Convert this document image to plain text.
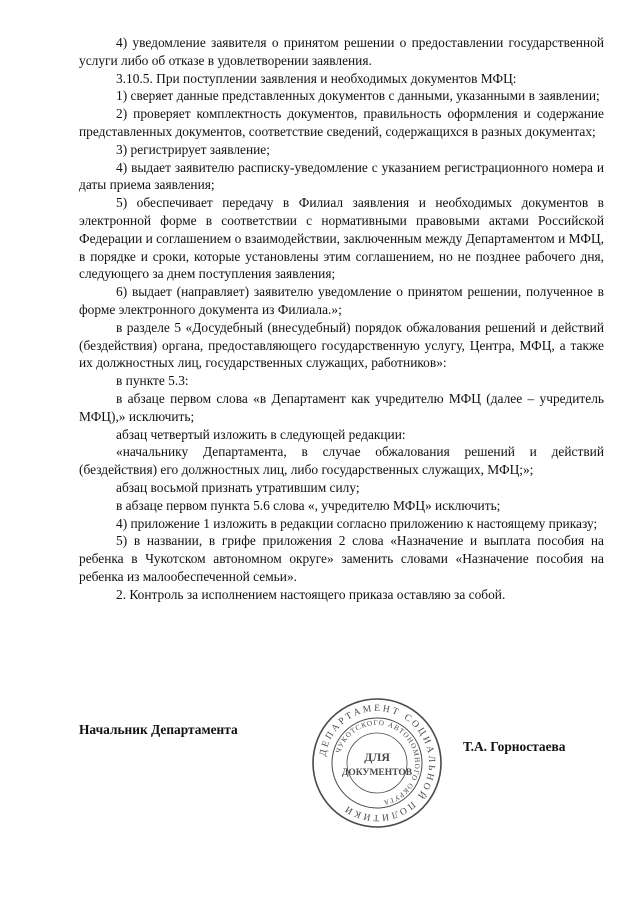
4) уведомление заявителя о принятом решении о предоставлении государственной услуги либо об отказе в удовлетворении заявления.

3.10.5. При поступлении заявления и необходимых документов МФЦ:

1) сверяет данные представленных документов с данными, указанными в заявлении;

2) проверяет комплектность документов, правильность оформления и содержание представленных документов, соответствие сведений, содержащихся в разных документах;

3) регистрирует заявление;

4) выдает заявителю расписку-уведомление с указанием регистрационного номера и даты приема заявления;

5) обеспечивает передачу в Филиал заявления и необходимых документов в электронной форме в соответствии с нормативными правовыми актами Российской Федерации и соглашением о взаимодействии, заключенным между Департаментом и МФЦ, в порядке и сроки, которые установлены этим соглашением, но не позднее рабочего дня, следующего за днем поступления заявления;

6) выдает (направляет) заявителю уведомление о принятом решении, полученное в форме электронного документа из Филиала.»;

в разделе 5 «Досудебный (внесудебный) порядок обжалования решений и действий (бездействия) органа, предоставляющего государственную услугу, Центра, МФЦ, а также их должностных лиц, государственных служащих, работников»:

в пункте 5.3:

в абзаце первом слова «в Департамент как учредителю МФЦ (далее – учредитель МФЦ),» исключить;

абзац четвертый изложить в следующей редакции:

«начальнику Департамента, в случае обжалования решений и действий (бездействия) его должностных лиц, либо государственных служащих, МФЦ;»;

абзац восьмой признать утратившим силу;

в абзаце первом пункта 5.6 слова «, учредителю МФЦ» исключить;

4) приложение 1 изложить в редакции согласно приложению к настоящему приказу;

5) в названии, в грифе приложения 2 слова «Назначение и выплата пособия на ребенка в Чукотском автономном округе» заменить словами «Назначение пособия на ребенка из малообеспеченной семьи».

2. Контроль за исполнением настоящего приказа оставляю за собой.

Начальник Департамента
ДЕПАРТАМЕНТ СОЦИАЛЬНОЙ ПОЛИТИКИ
ЧУКОТСКОГО АВТОНОМНОГО ОКРУГА
ДЛЯ
ДОКУМЕНТОВ
Т.А. Горностаева
